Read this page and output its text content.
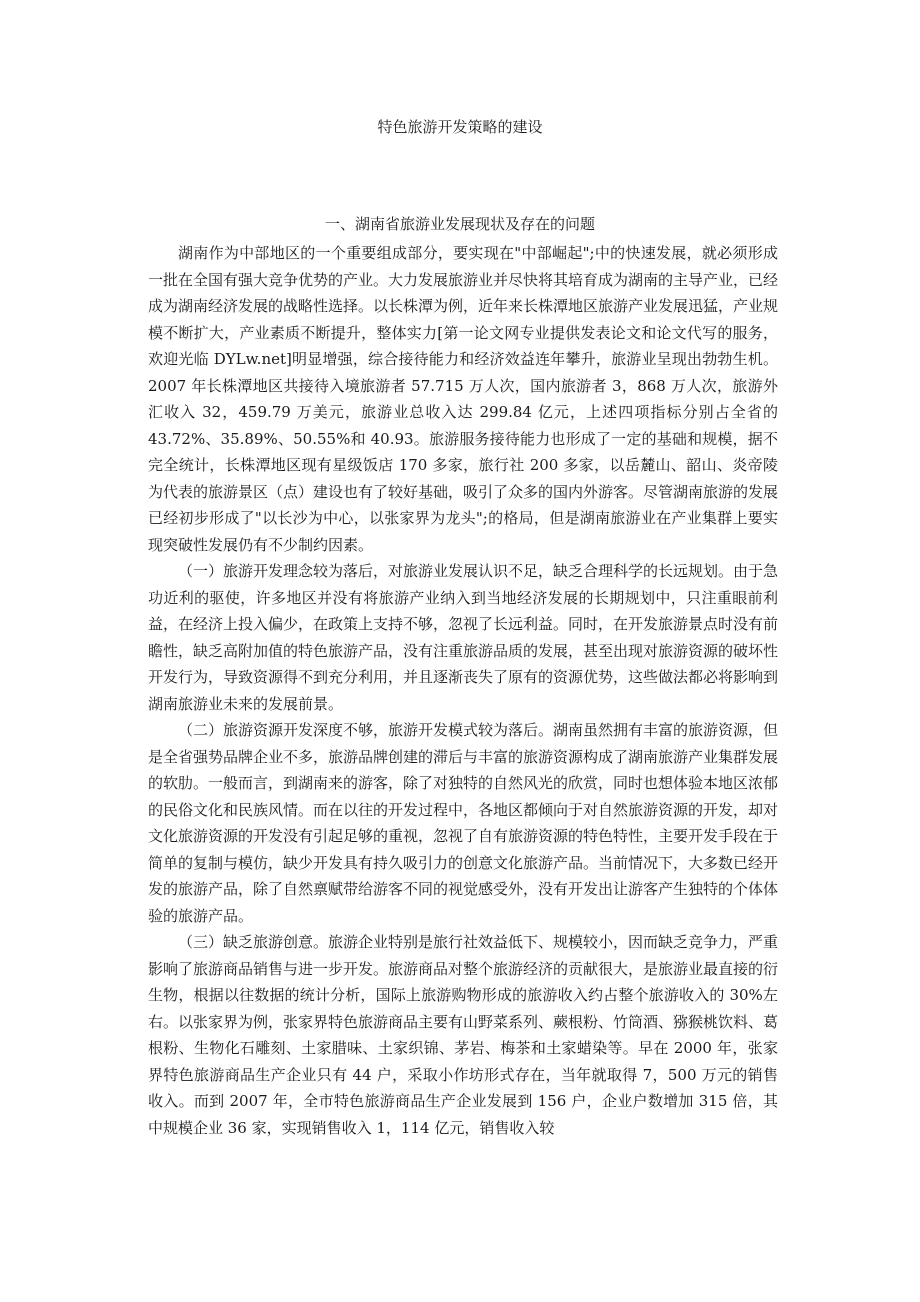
特色旅游开发策略的建设
一、湖南省旅游业发展现状及存在的问题

湖南作为中部地区的一个重要组成部分，要实现在"中部崛起";中的快速发展，就必须形成一批在全国有强大竞争优势的产业。大力发展旅游业并尽快将其培育成为湖南的主导产业，已经成为湖南经济发展的战略性选择。以长株潭为例，近年来长株潭地区旅游产业发展迅猛，产业规模不断扩大，产业素质不断提升，整体实力[第一论文网专业提供发表论文和论文代写的服务，欢迎光临 DYLw.net]明显增强，综合接待能力和经济效益连年攀升，旅游业呈现出勃勃生机。2007 年长株潭地区共接待入境旅游者 57.715 万人次，国内旅游者 3，868 万人次，旅游外汇收入 32，459.79 万美元，旅游业总收入达 299.84 亿元，上述四项指标分别占全省的 43.72%、35.89%、50.55%和 40.93。旅游服务接待能力也形成了一定的基础和规模，据不完全统计，长株潭地区现有星级饭店 170 多家，旅行社 200 多家，以岳麓山、韶山、炎帝陵为代表的旅游景区（点）建设也有了较好基础，吸引了众多的国内外游客。尽管湖南旅游的发展已经初步形成了"以长沙为中心，以张家界为龙头";的格局，但是湖南旅游业在产业集群上要实现突破性发展仍有不少制约因素。

（一）旅游开发理念较为落后，对旅游业发展认识不足，缺乏合理科学的长远规划。由于急功近利的驱使，许多地区并没有将旅游产业纳入到当地经济发展的长期规划中，只注重眼前利益，在经济上投入偏少，在政策上支持不够，忽视了长远利益。同时，在开发旅游景点时没有前瞻性，缺乏高附加值的特色旅游产品，没有注重旅游品质的发展，甚至出现对旅游资源的破坏性开发行为，导致资源得不到充分利用，并且逐渐丧失了原有的资源优势，这些做法都必将影响到湖南旅游业未来的发展前景。

（二）旅游资源开发深度不够，旅游开发模式较为落后。湖南虽然拥有丰富的旅游资源，但是全省强势品牌企业不多，旅游品牌创建的滞后与丰富的旅游资源构成了湖南旅游产业集群发展的软肋。一般而言，到湖南来的游客，除了对独特的自然风光的欣赏，同时也想体验本地区浓郁的民俗文化和民族风情。而在以往的开发过程中，各地区都倾向于对自然旅游资源的开发，却对文化旅游资源的开发没有引起足够的重视，忽视了自有旅游资源的特色特性，主要开发手段在于简单的复制与模仿，缺少开发具有持久吸引力的创意文化旅游产品。当前情况下，大多数已经开发的旅游产品，除了自然禀赋带给游客不同的视觉感受外，没有开发出让游客产生独特的个体体验的旅游产品。

（三）缺乏旅游创意。旅游企业特别是旅行社效益低下、规模较小，因而缺乏竞争力，严重影响了旅游商品销售与进一步开发。旅游商品对整个旅游经济的贡献很大，是旅游业最直接的衍生物，根据以往数据的统计分析，国际上旅游购物形成的旅游收入约占整个旅游收入的 30%左右。以张家界为例，张家界特色旅游商品主要有山野菜系列、蕨根粉、竹筒酒、猕猴桃饮料、葛根粉、生物化石雕刻、土家腊味、土家织锦、茅岩、梅茶和土家蜡染等。早在 2000 年，张家界特色旅游商品生产企业只有 44 户，采取小作坊形式存在，当年就取得 7，500 万元的销售收入。而到 2007 年，全市特色旅游商品生产企业发展到 156 户，企业户数增加 315 倍，其中规模企业 36 家，实现销售收入 1，114 亿元，销售收入较
